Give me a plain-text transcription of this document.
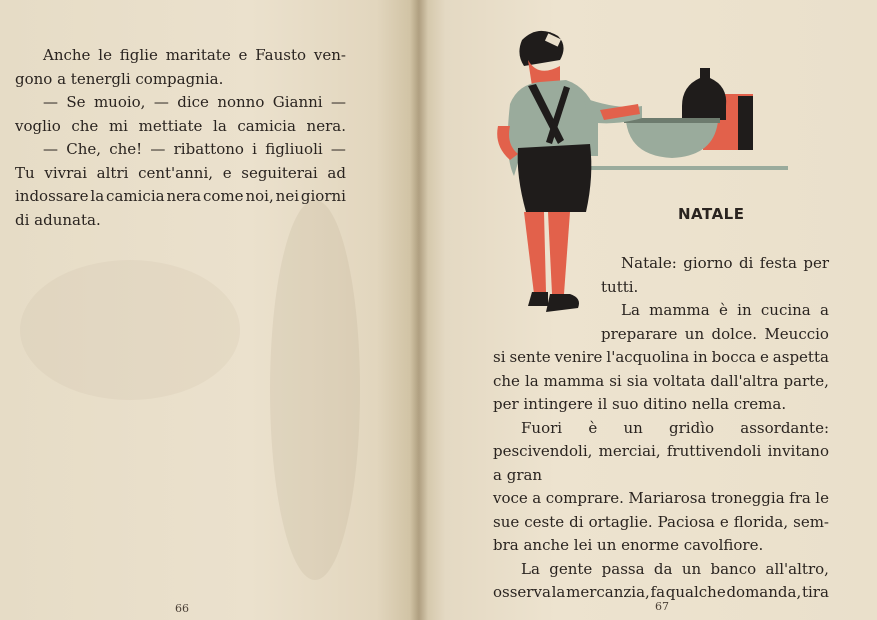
Anche le figlie maritate e Fausto ven-
gono a tenergli compagnia.
— Se muoio, — dice nonno Gianni —
voglio che mi mettiate la camicia nera.
— Che, che! — ribattono i figliuoli —
Tu vivrai altri cent'anni, e seguiterai ad
indossare la camicia nera come noi, nei giorni
di adunata.
66
NATALE
Natale: giorno di festa per
tutti.
La mamma è in cucina a
preparare un dolce. Meuccio
si sente venire l'acquolina in bocca e aspetta
che la mamma si sia voltata dall'altra parte,
per intingere il suo ditino nella crema.
Fuori è un gridìo assordante: pescivendoli, merciai, fruttivendoli invitano a gran
voce a comprare. Mariarosa troneggia fra le
sue ceste di ortaglie. Paciosa e florida, sem-
bra anche lei un enorme cavolfiore.
La gente passa da un banco all'altro,
osserva la mercanzia, fa qualche domanda, tira
67
